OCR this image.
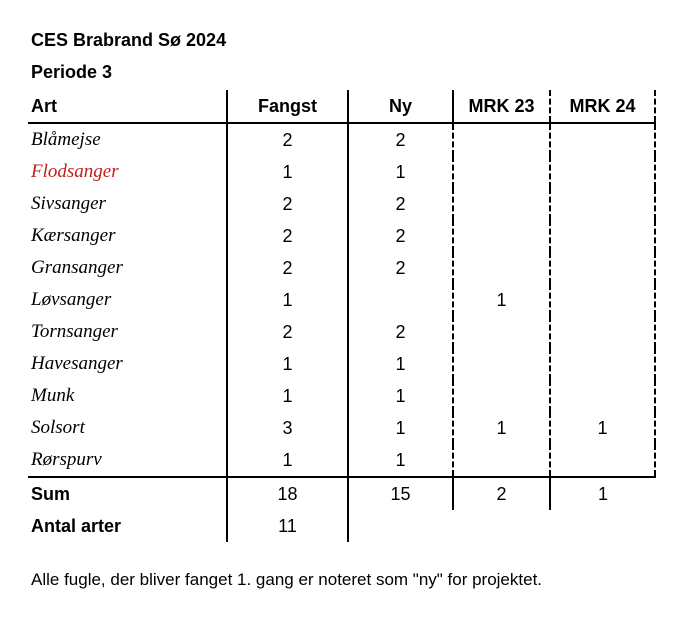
CES Brabrand Sø 2024
Periode 3
Art	Fangst	Ny	MRK 23	MRK 24
Blåmejse	2	2		
Flodsanger	1	1		
Sivsanger	2	2		
Kærsanger	2	2		
Gransanger	2	2		
Løvsanger	1		1	
Tornsanger	2	2		
Havesanger	1	1		
Munk	1	1		
Solsort	3	1	1	1
Rørspurv	1	1		
Sum	18	15	2	1
Antal arter	11			
Alle fugle, der bliver fanget 1. gang er noteret som "ny" for projektet.
